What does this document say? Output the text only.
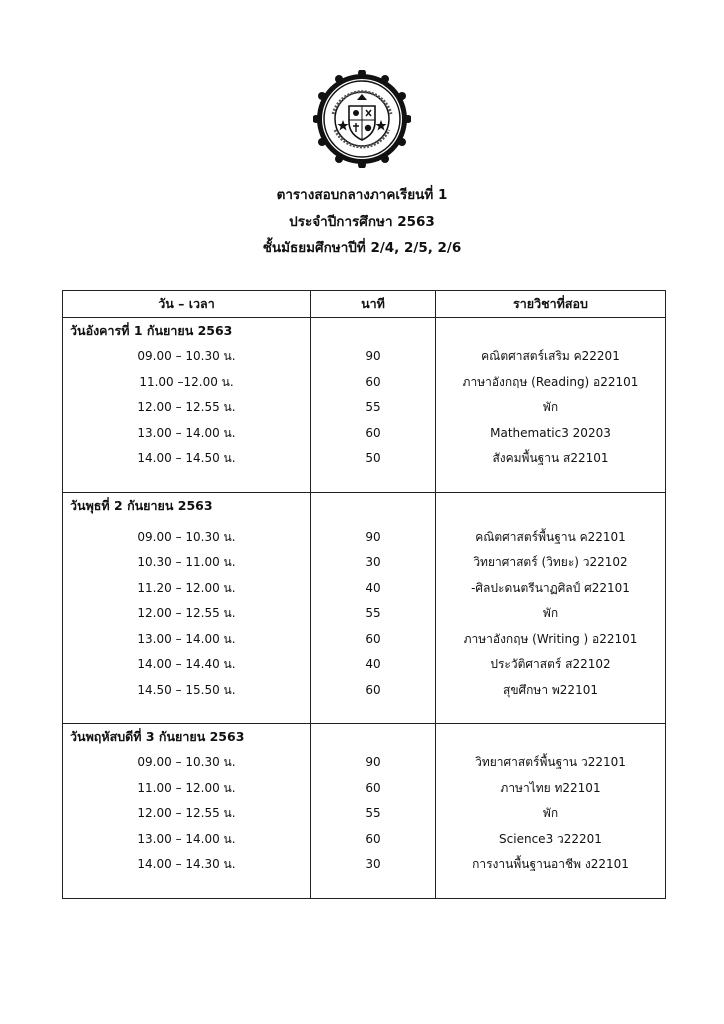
ตารางสอบกลางภาคเรียนที่ 1
ประจำปีการศึกษา 2563
ชั้นมัธยมศึกษาปีที่ 2/4, 2/5, 2/6
วัน – เวลา	นาที	รายวิชาที่สอบ
วันอังคารที่ 1 กันยายน 2563		
09.00 – 10.30 น.	90	คณิตศาสตร์เสริม ค22201
11.00 –12.00 น.	60	ภาษาอังกฤษ (Reading) อ22101
12.00 – 12.55 น.	55	พัก
13.00 – 14.00 น.	60	Mathematic3 20203
14.00 – 14.50 น.	50	สังคมพื้นฐาน ส22101

วันพุธที่ 2 กันยายน 2563		

09.00 – 10.30 น.	90	คณิตศาสตร์พื้นฐาน ค22101
10.30 – 11.00 น.	30	วิทยาศาสตร์ (วิทยะ) ว22102
11.20 – 12.00 น.	40	-ศิลปะดนตรีนาฏศิลป์ ศ22101
12.00 – 12.55 น.	55	พัก
13.00 – 14.00 น.	60	ภาษาอังกฤษ (Writing ) อ22101
14.00 – 14.40 น.	40	ประวัติศาสตร์ ส22102
14.50 – 15.50 น.	60	สุขศึกษา พ22101

วันพฤหัสบดีที่ 3 กันยายน 2563		
09.00 – 10.30 น.	90	วิทยาศาสตร์พื้นฐาน ว22101
11.00 – 12.00 น.	60	ภาษาไทย ท22101
12.00 – 12.55 น.	55	พัก
13.00 – 14.00 น.	60	Science3 ว22201
14.00 – 14.30 น.	30	การงานพื้นฐานอาชีพ ง22101
